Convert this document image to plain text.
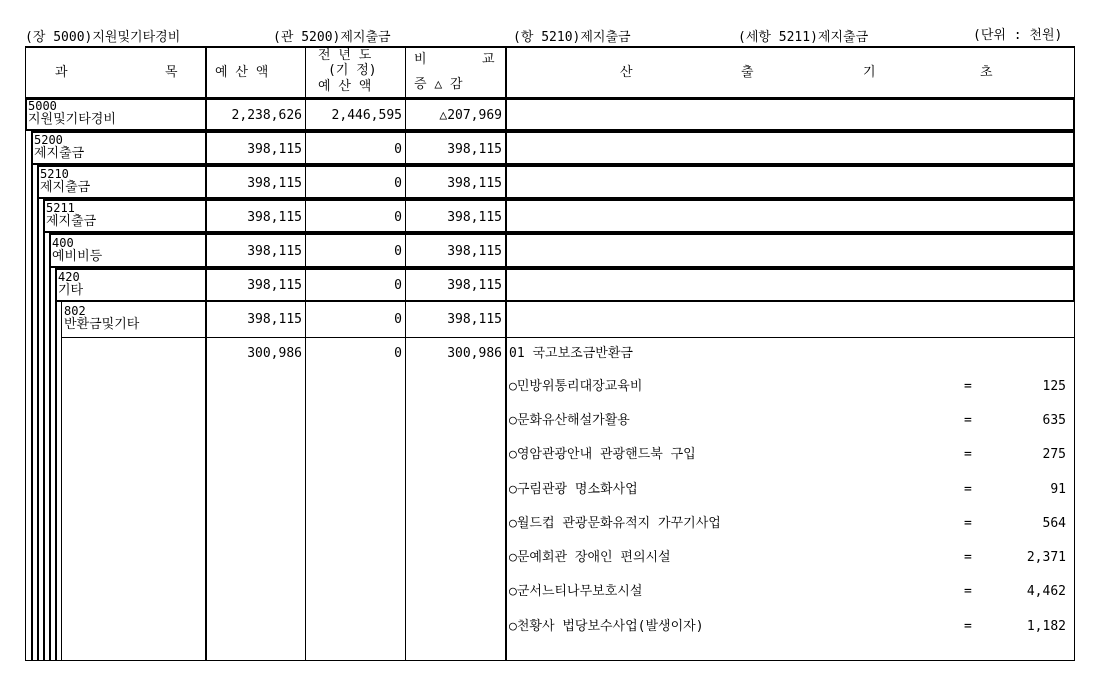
(장 5000)지원및기타경비	(관 5200)제지출금	(항 5210)제지출금	(세항 5211)제지출금	(단위 : 천원)
과	목	예 산 액
전 년 도
(기 정)
예 산 액
비	교
증 △ 감
산	출	기	초
5000
지원및기타경비	2,238,626	2,446,595	△207,969
5200
제지출금	398,115	0	398,115
5210
제지출금	398,115	0	398,115
5211
제지출금	398,115	0	398,115
400
예비비등	398,115	0	398,115
420
기타	398,115	0	398,115
802
반환금및기타	398,115	0	398,115
300,986	0	300,986 01 국고보조금반환금
○민방위통리대장교육비	=	125
○문화유산해설가활용	=	635
○영암관광안내 관광핸드북 구입	=	275
○구림관광 명소화사업	=	91
○월드컵 관광문화유적지 가꾸기사업	=	564
○문예회관 장애인 편의시설	=	2,371
○군서느티나무보호시설	=	4,462
○천황사 법당보수사업(발생이자)	=	1,182
